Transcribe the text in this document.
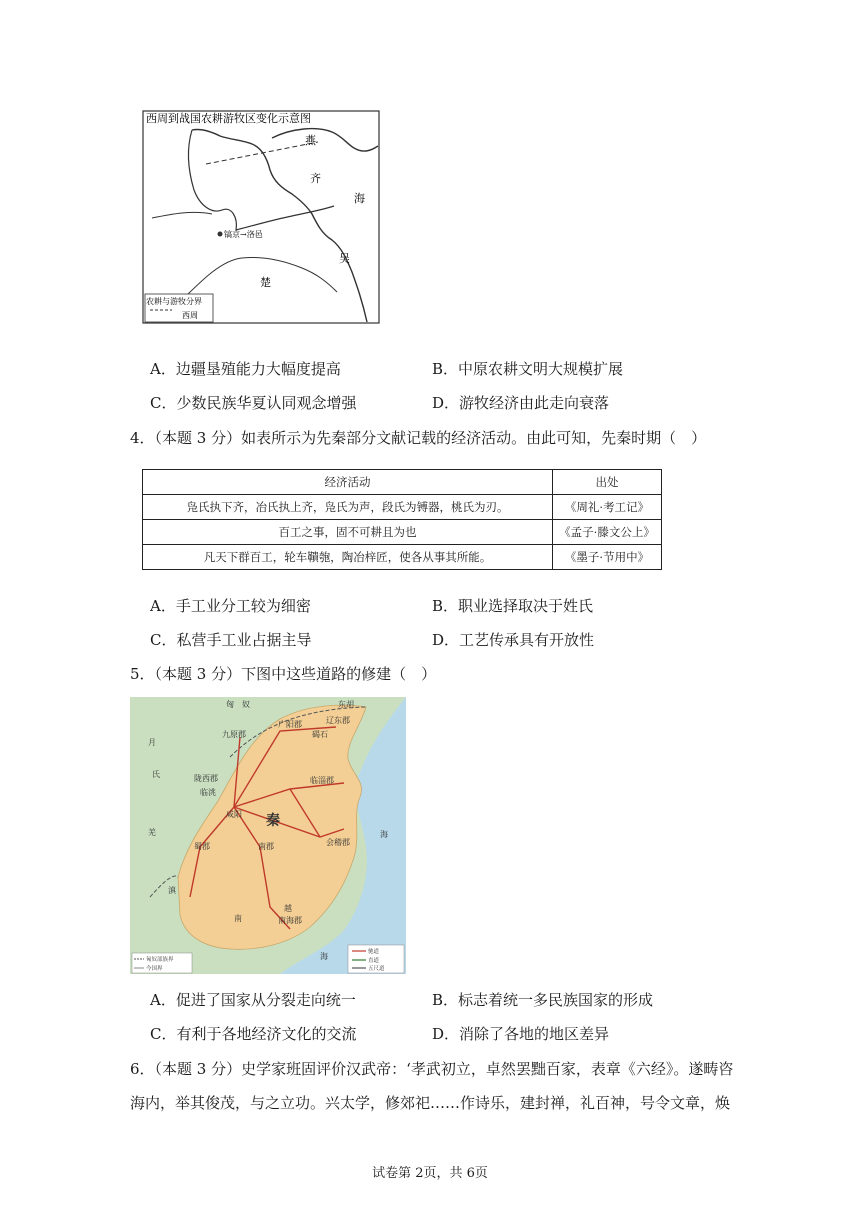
西周到战国农耕游牧区变化示意图
燕
齐
海
吴
楚
镐京→洛邑
农耕与游牧分界
西周
A．边疆垦殖能力大幅度提高	B．中原农耕文明大规模扩展
C．少数民族华夏认同观念增强	D．游牧经济由此走向衰落
4．（本题 3 分）如表所示为先秦部分文献记载的经济活动。由此可知，先秦时期（　）
经济活动	出处
凫氏执下齐，冶氏执上齐，凫氏为声，段氏为镈器，桃氏为刃。	《周礼·考工记》
百工之事，固不可耕且为也	《孟子·滕文公上》
凡天下群百工，轮车鞼匏，陶冶梓匠，使各从事其所能。	《墨子·节用中》
A．手工业分工较为细密	B．职业选择取决于姓氏
C．私营手工业占据主导	D．工艺传承具有开放性
5．（本题 3 分）下图中这些道路的修建（　）
匈　奴	东胡
月
氏
羌
秦
咸阳
陇西郡
临洮
九原郡
广阳郡	辽东郡
碣石
临淄郡
会稽郡
南郡
蜀郡
南
越
南海郡
滇
海
海
匈奴部族界
今国界
驰道
直道
五尺道
A．促进了国家从分裂走向统一	B．标志着统一多民族国家的形成
C．有利于各地经济文化的交流	D．消除了各地的地区差异
6．（本题 3 分）史学家班固评价汉武帝：‘孝武初立，卓然罢黜百家，表章《六经》。遂畴咨
海内，举其俊茂，与之立功。兴太学，修郊祀……作诗乐，建封禅，礼百神，号令文章，焕
试卷第 2页，共 6页
